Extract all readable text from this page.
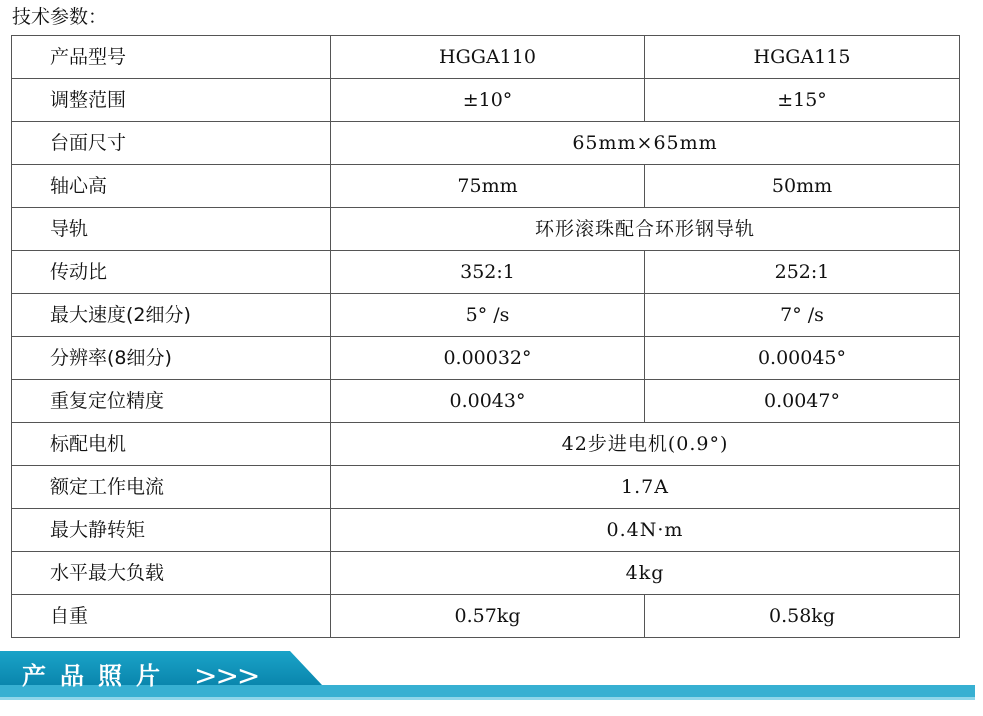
技术参数：
产品型号	HGGA110	HGGA115
调整范围	±10°	±15°
台面尺寸	65mm×65mm	
轴心高	75mm	50mm
导轨	环形滚珠配合环形钢导轨	
传动比	352:1	252:1
最大速度(2细分)	5° /s	7° /s
分辨率(8细分)	0.00032°	0.00045°
重复定位精度	0.0043°	0.0047°
标配电机	42步进电机(0.9°)	
额定工作电流	1.7A	
最大静转矩	0.4N·m	
水平最大负载	4kg	
自重	0.57kg	0.58kg
产品照片 >>>
